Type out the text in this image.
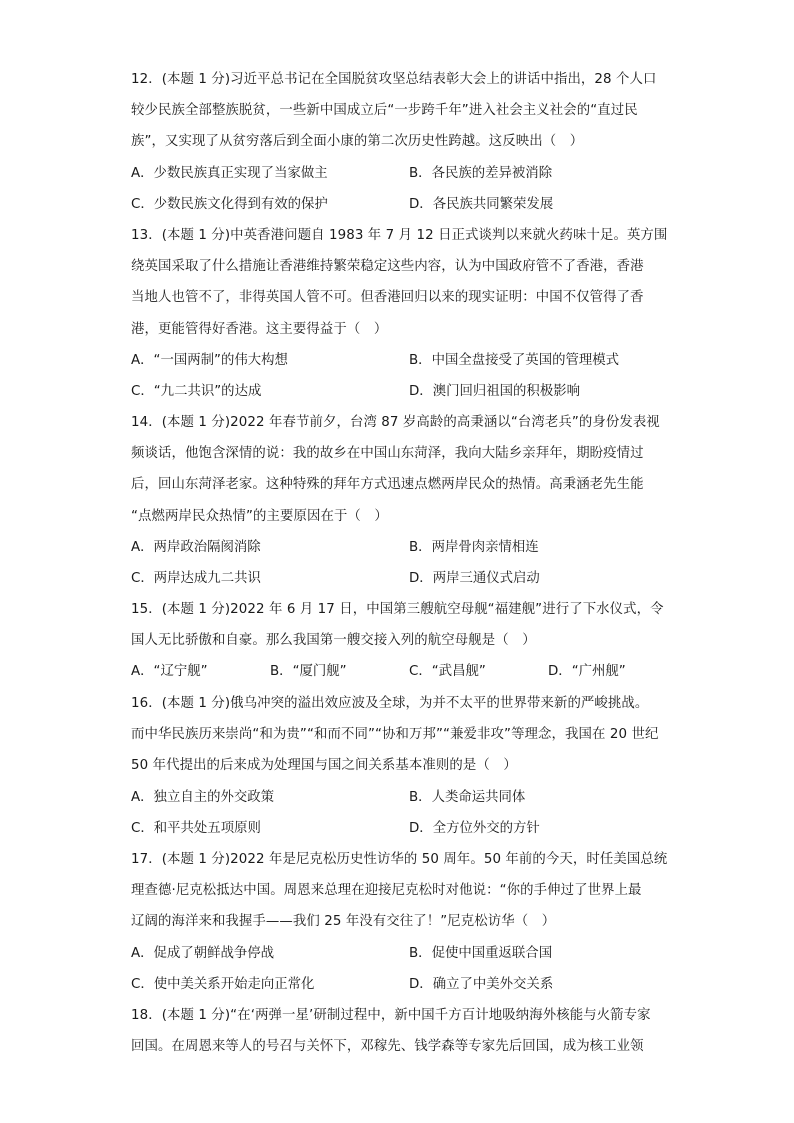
12．(本题 1 分)习近平总书记在全国脱贫攻坚总结表彰大会上的讲话中指出，28 个人口
较少民族全部整族脱贫，一些新中国成立后“一步跨千年”进入社会主义社会的“直过民
族”，又实现了从贫穷落后到全面小康的第二次历史性跨越。这反映出（　）
A．少数民族真正实现了当家做主	B．各民族的差异被消除
C．少数民族文化得到有效的保护	D．各民族共同繁荣发展
13．(本题 1 分)中英香港问题自 1983 年 7 月 12 日正式谈判以来就火药味十足。英方围
绕英国采取了什么措施让香港维持繁荣稳定这些内容，认为中国政府管不了香港，香港
当地人也管不了，非得英国人管不可。但香港回归以来的现实证明：中国不仅管得了香
港，更能管得好香港。这主要得益于（　）
A．“一国两制”的伟大构想	B．中国全盘接受了英国的管理模式
C．“九二共识”的达成	D．澳门回归祖国的积极影响
14．(本题 1 分)2022 年春节前夕，台湾 87 岁高龄的高秉涵以“台湾老兵”的身份发表视
频谈话，他饱含深情的说：我的故乡在中国山东菏泽，我向大陆乡亲拜年，期盼疫情过
后，回山东菏泽老家。这种特殊的拜年方式迅速点燃两岸民众的热情。高秉涵老先生能
“点燃两岸民众热情”的主要原因在于（　）
A．两岸政治隔阂消除	B．两岸骨肉亲情相连
C．两岸达成九二共识	D．两岸三通仪式启动
15．(本题 1 分)2022 年 6 月 17 日，中国第三艘航空母舰“福建舰”进行了下水仪式，令
国人无比骄傲和自豪。那么我国第一艘交接入列的航空母舰是（　）
A．“辽宁舰”	B．“厦门舰”	C．“武昌舰”	D．“广州舰”
16．(本题 1 分)俄乌冲突的溢出效应波及全球，为并不太平的世界带来新的严峻挑战。
而中华民族历来崇尚“和为贵”“和而不同”“协和万邦”“兼爱非攻”等理念，我国在 20 世纪
50 年代提出的后来成为处理国与国之间关系基本准则的是（　）
A．独立自主的外交政策	B．人类命运共同体
C．和平共处五项原则	D．全方位外交的方针
17．(本题 1 分)2022 年是尼克松历史性访华的 50 周年。50 年前的今天，时任美国总统
理查德·尼克松抵达中国。周恩来总理在迎接尼克松时对他说：“你的手伸过了世界上最
辽阔的海洋来和我握手——我们 25 年没有交往了！”尼克松访华（　）
A．促成了朝鲜战争停战	B．促使中国重返联合国
C．使中美关系开始走向正常化	D．确立了中美外交关系
18．(本题 1 分)“在‘两弹一星’研制过程中，新中国千方百计地吸纳海外核能与火箭专家
回国。在周恩来等人的号召与关怀下，邓稼先、钱学森等专家先后回国，成为核工业领
